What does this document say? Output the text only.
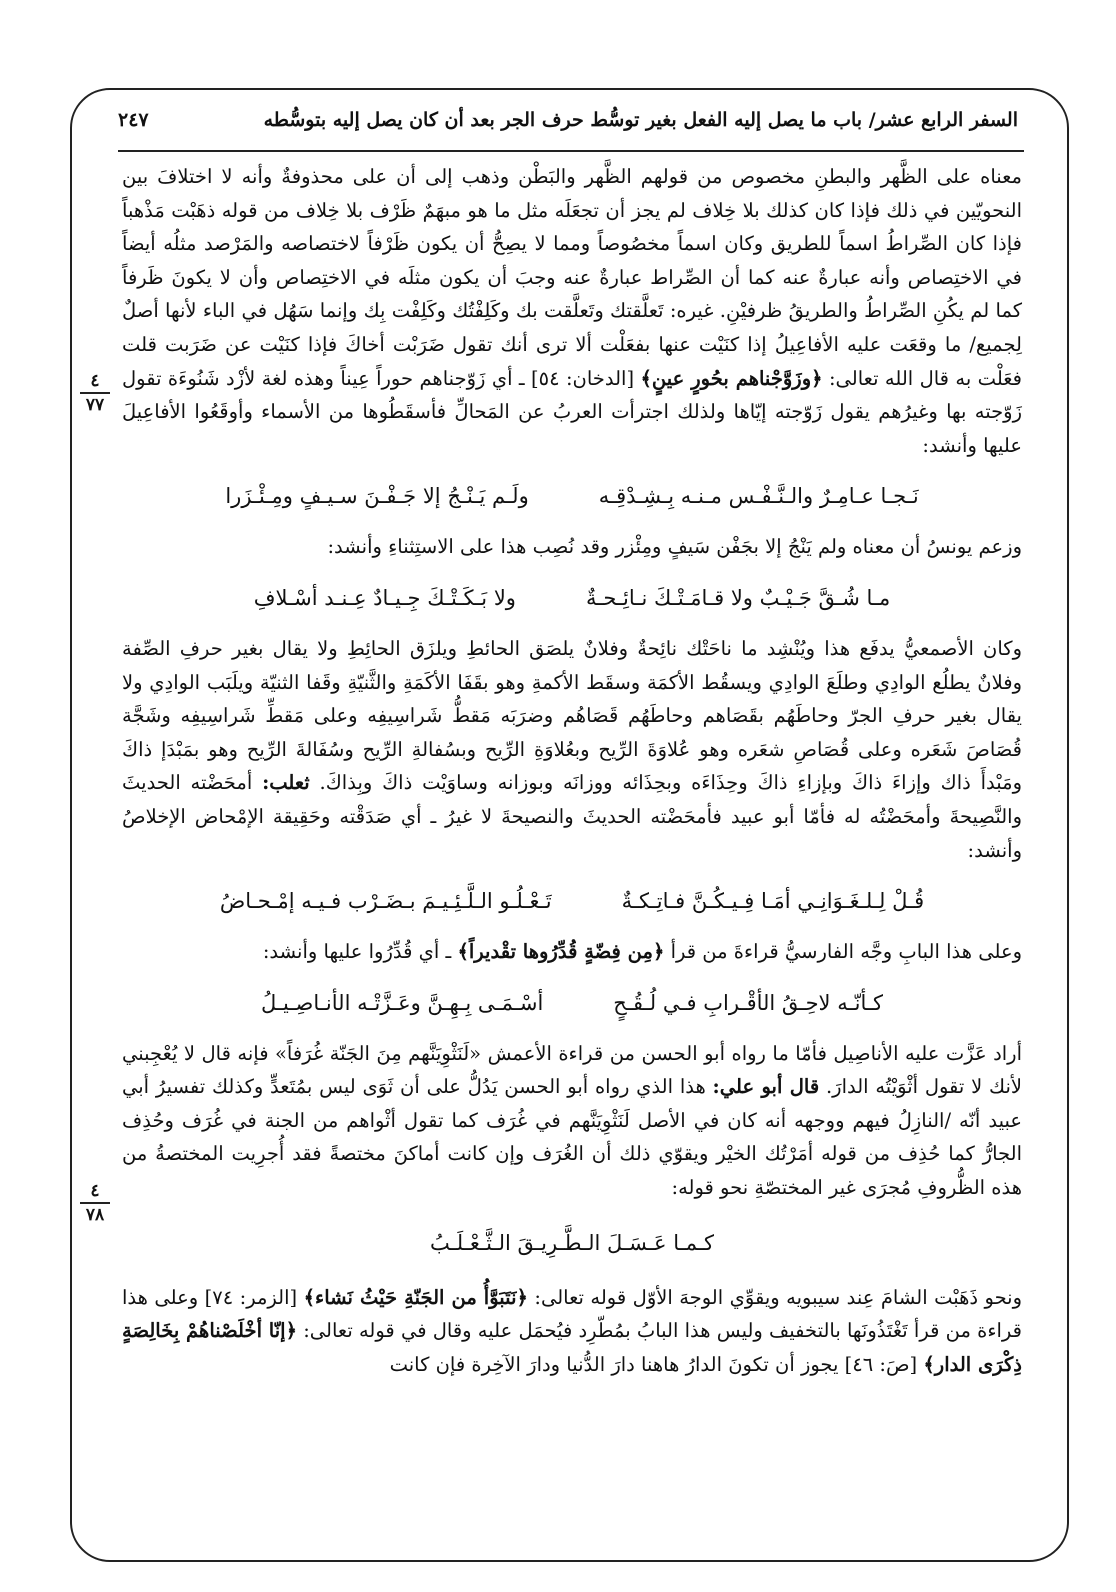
السفر الرابع عشر/ باب ما يصل إليه الفعل بغير توسُّط حرف الجر بعد أن كان يصل إليه بتوسُّطه
٢٤٧
٤
٧٧
٤
٧٨

معناه على الظَّهر والبطنِ مخصوص من قولهم الظَّهر والبَطْن وذهب إلى أن على محذوفةٌ وأنه لا اختلافَ بين النحويّين في ذلك فإذا كان كذلك بلا خِلاف لم يجز أن تجعَلَه مثل ما هو مبهَمٌ ظَرْف بلا خِلاف من قوله ذهَبْت مَذْهباً فإذا كان الصِّراطُ اسماً للطريق وكان اسماً مخصُوصاً ومما لا يصِحُّ أن يكون ظَرْفاً لاختصاصه والمَرْصد مثلُه أيضاً في الاختِصاص وأنه عبارةٌ عنه كما أن الصِّراط عبارةٌ عنه وجبَ أن يكون مثلَه في الاختِصاص وأن لا يكونَ ظَرفاً كما لم يكُنِ الصِّراطُ والطريقُ ظرفيْنِ. غيره: تَعلَّقتك وتَعلَّقت بك وكَلِفْتُك وكَلِفْت بِك وإنما سَهُل في الباء لأنها أصلٌ لِجميع/ ما وقعَت عليه الأفاعِيلُ إذا كنَيْت عنها بفعَلْت ألا ترى أنك تقول ضَرَبْت أخاكَ فإذا كنَيْت عن ضَرَبت قلت فعَلْت به قال الله تعالى: ﴿وزَوَّجْناهم بحُورٍ عينٍ﴾ [الدخان: ٥٤] ـ أي زَوّجناهم حوراً عِيناً وهذه لغة لأزْد شَنُوءَة تقول زَوّجته بها وغيرُهم يقول زَوّجته إيّاها ولذلك اجترأت العربُ عن المَحالِّ فأسقَطُوها من الأسماء وأوقَعُوا الأفاعِيلَ عليها وأنشد:

نَـجـا عـامِـرٌ والـنَّـفْـس مـنـه بِـشِـدْقِـه
ولَـم يَـنْـجُ إلا جَـفْـنَ سـيـفٍ ومِـئْـزَرا

وزعم يونسُ أن معناه ولم يَنْجُ إلا بجَفْن سَيفٍ ومِئْزر وقد نُصِب هذا على الاستِثناءِ وأنشد:

مـا شُـقَّ جَـيْـبٌ ولا قـامَـتْـكَ نـائِـحـةٌ
ولا بَـكَـتْـكَ جِـيـادٌ عِـنـد أسْـلافِ

وكان الأصمعيُّ يدفَع هذا ويُنْشِد ما ناحَتْك نائِحةٌ وفلانٌ يلصَق الحائطِ ويلزَق الحائِطِ ولا يقال بغير حرفِ الصِّفة وفلانٌ يطلُع الوادِي وطلَعَ الوادِي ويسقُط الأكمَة وسقَط الأكمةِ وهو بقَفَا الأكَمَةِ والثَّنيّةِ وقَفا الثنيّة ويلَبَب الوادِي ولا يقال بغير حرفِ الجرّ وحاطَهُم بقَصَاهم وحاطَهُم قَصَاهُم وضرَبَه مَقطُّ شَراسِيفِه وعلى مَقطِّ شَراسِيفِه وشَجَّة قُصَاصَ شَعَره وعلى قُصَاصِ شعَره وهو عُلاوَةَ الرِّيح وبعُلاوَةِ الرِّيح وبسُفالةِ الرِّيح وسُفَالةَ الرِّيح وهو بمَبْدَإ ذاكَ ومَبْدأَ ذاك وإزاءَ ذاكَ وبإزاءِ ذاكَ وحِذَاءَه وبحِذَائه ووزانَه وبوزانه وساوَيْت ذاكَ وبِذاكَ. ثعلب: أمحَضْته الحديثَ والنَّصِيحةَ وأمحَضْتُه له فأمّا أبو عبيد فأمحَضْته الحديثَ والنصيحةَ لا غيرُ ـ أي صَدَقْته وحَقِيقة الإمْحاض الإخلاصُ وأنشد:

قُـلْ لِـلـغَـوَانِـي أمَـا فِـيـكُـنَّ فـاتِـكـةٌ
تَـعْـلُـو الـلَّـئِـيـمَ بـضَـرْب فـيـه إمْـحـاضُ

وعلى هذا البابِ وجَّه الفارسيُّ قراءةَ من قرأ ﴿مِن فِضّةٍ قُدِّرُوها تقْديراً﴾ ـ أي قُدِّرُوا عليها وأنشد:

كـأنّـه لاحِـقُ الأقْـرابِ فـي لُـقُـحٍ
أسْـمَـى بِـهِـنَّ وعَـزَّتْـه الأنـاصِـيـلُ

أراد عَزَّت عليه الأناصِيل فأمّا ما رواه أبو الحسن من قراءة الأعمش «لَنَثْوِيَنَّهم مِنَ الجَنّة غُرَفاً» فإنه قال لا يُعْجِبني لأنك لا تقول أثْوَيْتُه الدارَ. قال أبو علي: هذا الذي رواه أبو الحسن يَدُلُّ على أن ثَوَى ليس بمُتَعدٍّ وكذلك تفسيرُ أبي عبيد أنّه /النازِلُ فيهم ووجهه أنه كان في الأصل لَنَثْوِيَنَّهم في غُرَف كما تقول أثْواهم من الجنة في غُرَف وحُذِف الجارُّ كما حُذِف من قوله أمَرْتُك الخيْر ويقوّي ذلك أن الغُرَف وإن كانت أماكنَ مختصةً فقد أُجرِيت المختصةُ من هذه الظُّروفِ مُجرَى غير المختصّةِ نحو قوله:

كـمـا عَـسَـلَ الـطَّـرِيـقَ الـثَّـعْـلَـبُ

ونحو ذَهَبْت الشامَ عِند سيبويه ويقوِّي الوجهَ الأوّل قوله تعالى: ﴿نَتَبَوَّأُ من الجَنّةِ حَيْثُ نَشاء﴾ [الزمر: ٧٤] وعلى هذا قراءة من قرأ تَغْتَذُونَها بالتخفيف وليس هذا البابُ بمُطّرِد فيُحمَل عليه وقال في قوله تعالى: ﴿إنّا أخْلَصْناهُمْ بِخَالِصَةٍ ذِكْرَى الدار﴾ [صَ: ٤٦] يجوز أن تكونَ الدارُ هاهنا دارَ الدُّنيا ودارَ الآخِرة فإن كانت
